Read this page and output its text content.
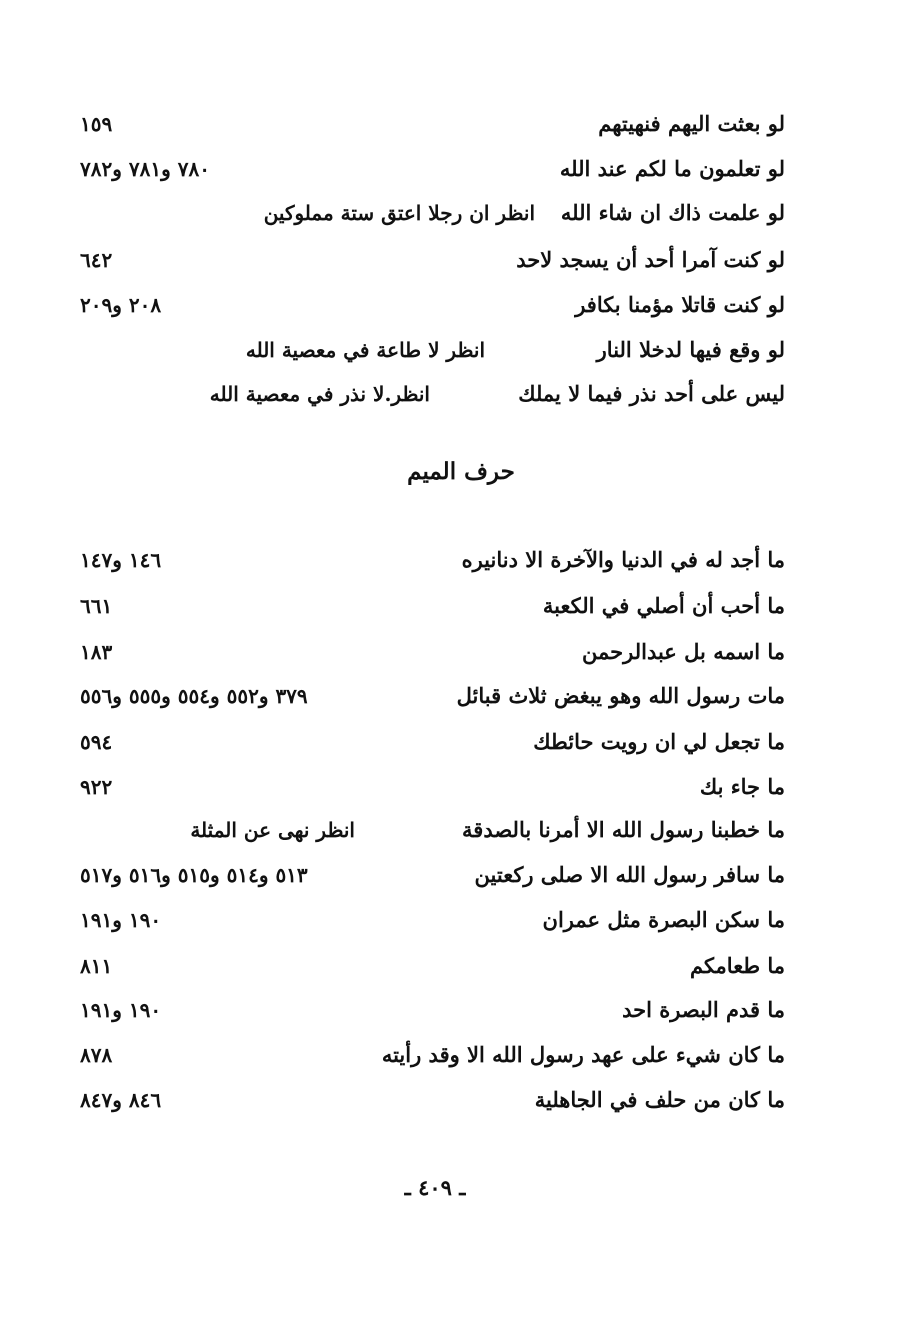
لو بعثت اليهم فنهيتهم
١٥٩
لو تعلمون ما لكم عند الله
٧٨٠ و٧٨١ و٧٨٢
لو علمت ذاك ان شاء الله
انظر ان رجلا اعتق ستة مملوكين
لو كنت آمرا أحد أن يسجد لاحد
٦٤٢
لو كنت قاتلا مؤمنا بكافر
٢٠٨ و٢٠٩
لو وقع فيها لدخلا النار
انظر لا طاعة في معصية الله
ليس على أحد نذر فيما لا يملك
انظر.لا نذر في معصية الله
حرف الميم
ما أجد له في الدنيا والآخرة الا دنانيره
١٤٦ و١٤٧
ما أحب أن أصلي في الكعبة
٦٦١
ما اسمه بل عبدالرحمن
١٨٣
مات رسول الله وهو يبغض ثلاث قبائل
٣٧٩ و٥٥٢ و٥٥٤ و٥٥٥ و٥٥٦
ما تجعل لي ان رويت حائطك
٥٩٤
ما جاء بك
٩٢٢
ما خطبنا رسول الله الا أمرنا بالصدقة
انظر نهى عن المثلة
ما سافر رسول الله الا صلى ركعتين
٥١٣ و٥١٤ و٥١٥ و٥١٦ و٥١٧
ما سكن البصرة مثل عمران
١٩٠ و١٩١
ما طعامكم
٨١١
ما قدم البصرة احد
١٩٠ و١٩١
ما كان شيء على عهد رسول الله الا وقد رأيته
٨٧٨
ما كان من حلف في الجاهلية
٨٤٦ و٨٤٧
ـ ٤٠٩ ـ
